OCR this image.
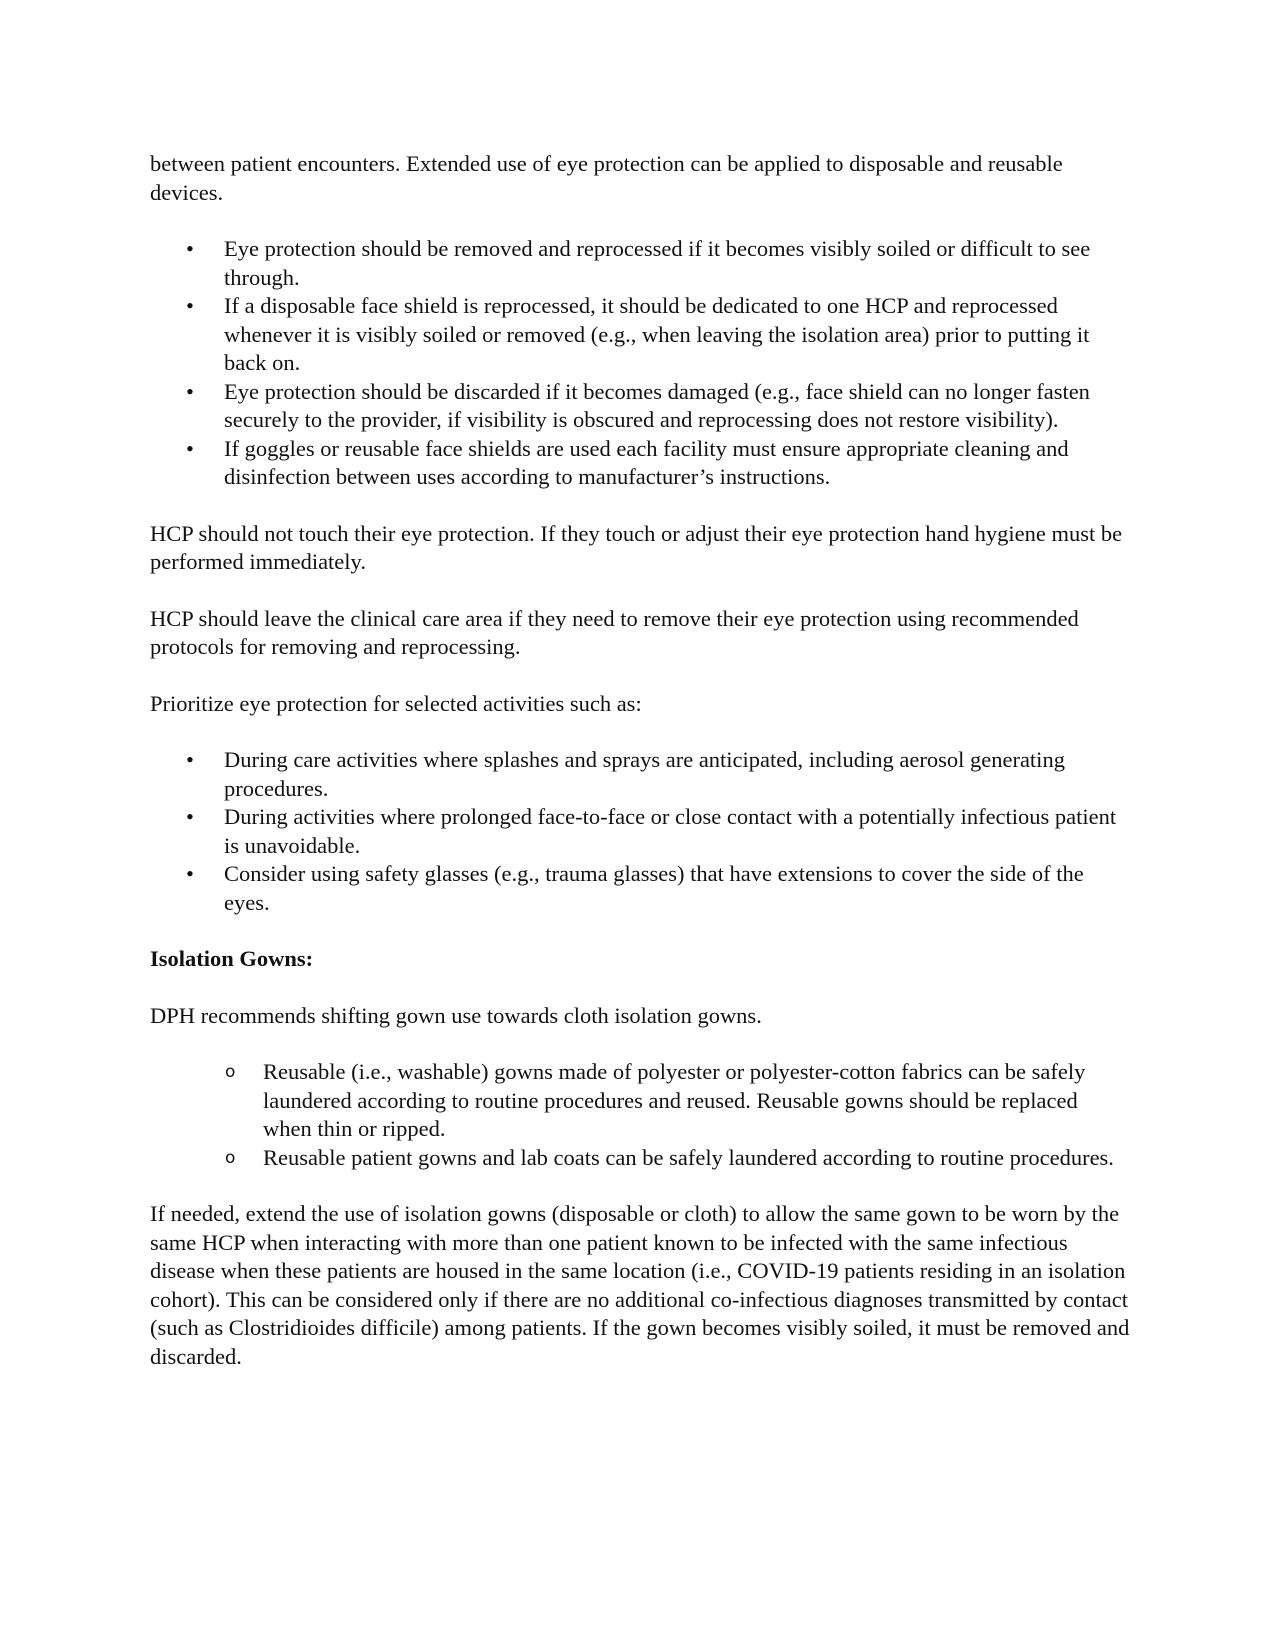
between patient encounters. Extended use of eye protection can be applied to disposable and reusable devices.

• Eye protection should be removed and reprocessed if it becomes visibly soiled or difficult to see through.
• If a disposable face shield is reprocessed, it should be dedicated to one HCP and reprocessed whenever it is visibly soiled or removed (e.g., when leaving the isolation area) prior to putting it back on.
• Eye protection should be discarded if it becomes damaged (e.g., face shield can no longer fasten securely to the provider, if visibility is obscured and reprocessing does not restore visibility).
• If goggles or reusable face shields are used each facility must ensure appropriate cleaning and disinfection between uses according to manufacturer’s instructions.

HCP should not touch their eye protection. If they touch or adjust their eye protection hand hygiene must be performed immediately.

HCP should leave the clinical care area if they need to remove their eye protection using recommended protocols for removing and reprocessing.

Prioritize eye protection for selected activities such as:

• During care activities where splashes and sprays are anticipated, including aerosol generating procedures.
• During activities where prolonged face-to-face or close contact with a potentially infectious patient is unavoidable.
• Consider using safety glasses (e.g., trauma glasses) that have extensions to cover the side of the eyes.

Isolation Gowns:

DPH recommends shifting gown use towards cloth isolation gowns.

o Reusable (i.e., washable) gowns made of polyester or polyester-cotton fabrics can be safely laundered according to routine procedures and reused. Reusable gowns should be replaced when thin or ripped.
o Reusable patient gowns and lab coats can be safely laundered according to routine procedures.

If needed, extend the use of isolation gowns (disposable or cloth) to allow the same gown to be worn by the same HCP when interacting with more than one patient known to be infected with the same infectious disease when these patients are housed in the same location (i.e., COVID-19 patients residing in an isolation cohort). This can be considered only if there are no additional co-infectious diagnoses transmitted by contact (such as Clostridioides difficile) among patients. If the gown becomes visibly soiled, it must be removed and discarded.
